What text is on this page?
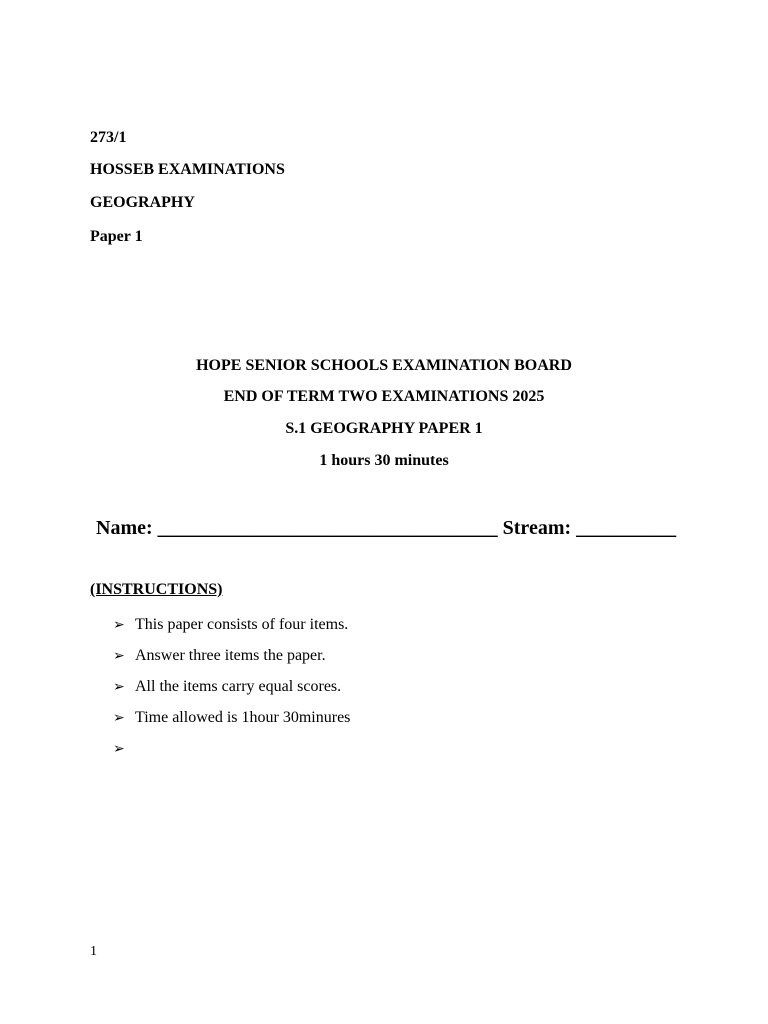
273/1
HOSSEB EXAMINATIONS
GEOGRAPHY
Paper 1
HOPE SENIOR SCHOOLS EXAMINATION BOARD
END OF TERM TWO EXAMINATIONS 2025
S.1 GEOGRAPHY PAPER 1
1 hours 30 minutes
Name: __________________________________ Stream: __________
(INSTRUCTIONS)
➢ This paper consists of four items.
➢ Answer three items the paper.
➢ All the items carry equal scores.
➢ Time allowed is 1hour 30minures
➢
1
